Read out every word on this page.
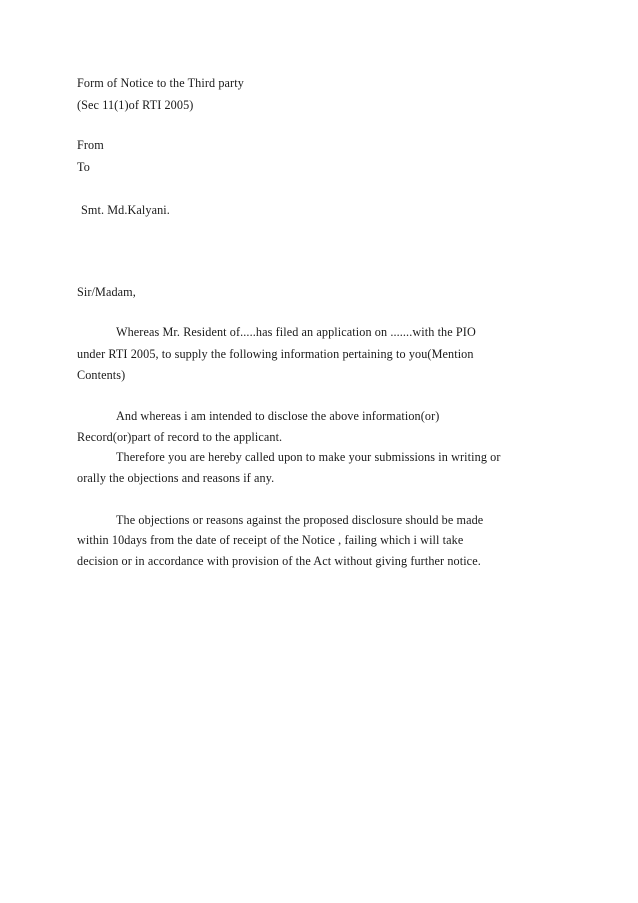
Form of Notice to the Third party
(Sec 11(1)of RTI 2005)
From
To
Smt. Md.Kalyani.
Sir/Madam,
Whereas Mr. Resident of.....has filed an application on .......with the PIO
under RTI 2005, to supply the following information pertaining to you(Mention
Contents)
And whereas i am intended to disclose the above information(or)
Record(or)part of record to the applicant.
Therefore you are hereby called upon to make your submissions in writing or
orally the objections and reasons if any.
The objections or reasons against the proposed disclosure should be made
within 10days from the date of receipt of the Notice , failing which i will take
decision or in accordance with provision of the Act without giving further notice.
